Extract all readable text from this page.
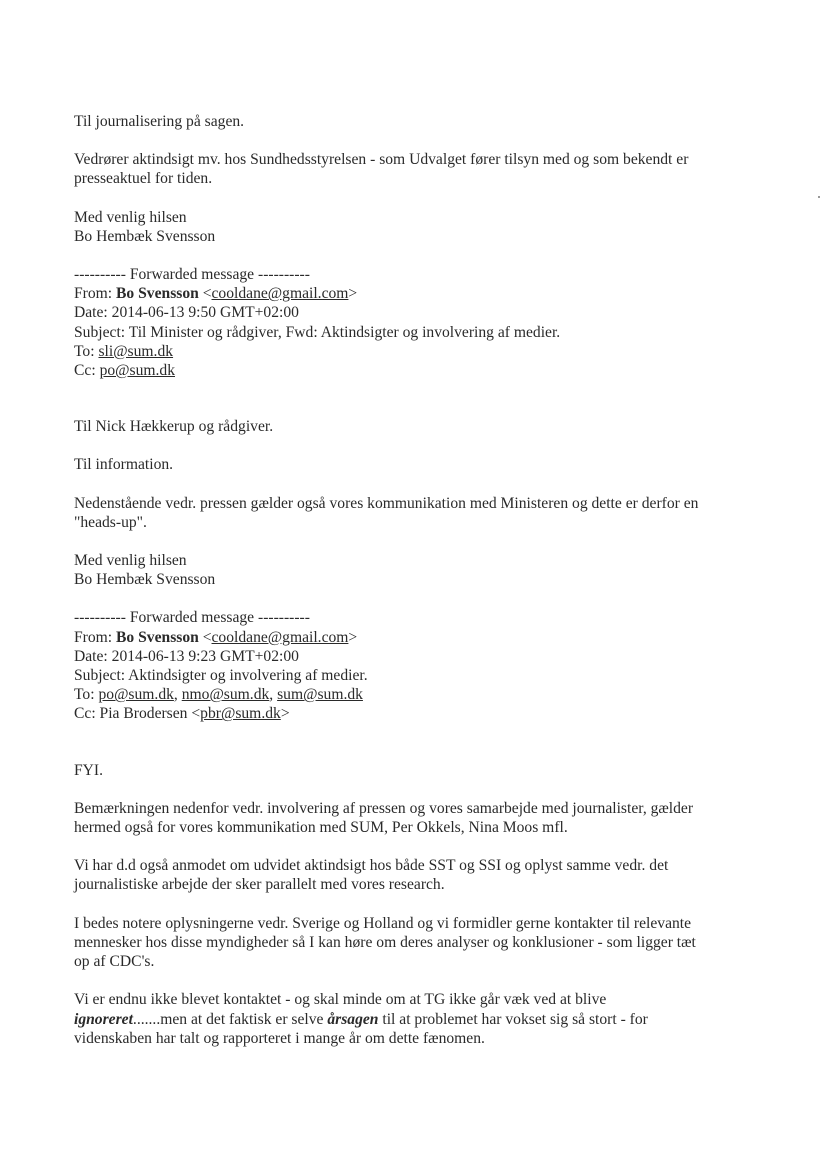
Til journalisering på sagen.

Vedrører aktindsigt mv. hos Sundhedsstyrelsen - som Udvalget fører tilsyn med og som bekendt er

presseaktuel for tiden.

Med venlig hilsen

Bo Hembæk Svensson

---------- Forwarded message ----------

From: Bo Svensson <cooldane@gmail.com>

Date: 2014-06-13 9:50 GMT+02:00

Subject: Til Minister og rådgiver, Fwd: Aktindsigter og involvering af medier.

To: sli@sum.dk

Cc: po@sum.dk

Til Nick Hækkerup og rådgiver.

Til information.

Nedenstående vedr. pressen gælder også vores kommunikation med Ministeren og dette er derfor en

"heads-up".

Med venlig hilsen

Bo Hembæk Svensson

---------- Forwarded message ----------

From: Bo Svensson <cooldane@gmail.com>

Date: 2014-06-13 9:23 GMT+02:00

Subject: Aktindsigter og involvering af medier.

To: po@sum.dk, nmo@sum.dk, sum@sum.dk

Cc: Pia Brodersen <pbr@sum.dk>

FYI.

Bemærkningen nedenfor vedr. involvering af pressen og vores samarbejde med journalister, gælder

hermed også for vores kommunikation med SUM, Per Okkels, Nina Moos mfl.

Vi har d.d også anmodet om udvidet aktindsigt hos både SST og SSI og oplyst samme vedr. det

journalistiske arbejde der sker parallelt med vores research.

I bedes notere oplysningerne vedr. Sverige og Holland og vi formidler gerne kontakter til relevante

mennesker hos disse myndigheder så I kan høre om deres analyser og konklusioner - som ligger tæt

op af CDC's.

Vi er endnu ikke blevet kontaktet - og skal minde om at TG ikke går væk ved at blive

ignoreret.......men at det faktisk er selve årsagen til at problemet har vokset sig så stort - for

videnskaben har talt og rapporteret i mange år om dette fænomen.
